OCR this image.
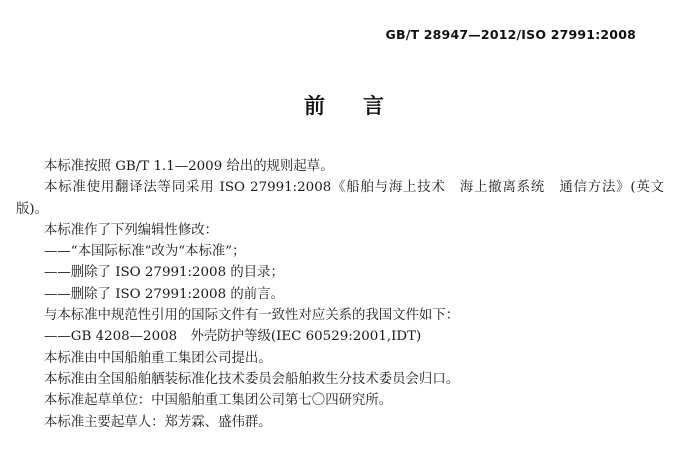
GB/T 28947—2012/ISO 27991:2008
前言

本标准按照 GB/T 1.1—2009 给出的规则起草。

本标准使用翻译法等同采用 ISO 27991:2008《船舶与海上技术　海上撤离系统　通信方法》(英文版)。

本标准作了下列编辑性修改：

——“本国际标准”改为“本标准”；

——删除了 ISO 27991:2008 的目录；

——删除了 ISO 27991:2008 的前言。

与本标准中规范性引用的国际文件有一致性对应关系的我国文件如下：

——GB 4208—2008　外壳防护等级(IEC 60529:2001,IDT)

本标准由中国船舶重工集团公司提出。

本标准由全国船舶舾装标准化技术委员会船舶救生分技术委员会归口。

本标准起草单位：中国船舶重工集团公司第七〇四研究所。

本标准主要起草人：郑芳霖、盛伟群。
